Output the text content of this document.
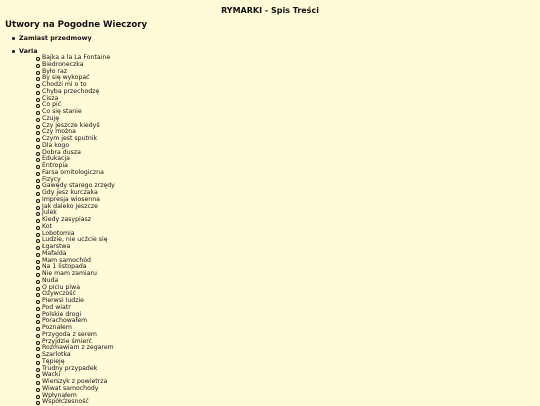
RYMARKI - Spis Treści
Utwory na Pogodne Wieczory
Zamiast przedmowy
Varia
Bajka a la La Fontaine
Biedroneczka
Było raz
By się wykopać
Chodzi mi o to
Chyba przechodzę
Cisza
Co pić
Co się stanie
Czuję
Czy jeszcze kiedyś
Czy można
Czym jest sputnik
Dla kogo
Dobra dusza
Edukacja
Entropia
Farsa ornitologiczna
Fizycy
Gawędy starego zrzędy
Gdy jesz kurczaka
Impresja wiosenna
Jak daleko jeszcze
Julek
Kiedy zasypiasz
Kot
Lobotomia
Ludzie, nie ucźcie się
Łgarstwa
Mafalda
Mam samochód
Na 1 listopada
Nie mam zamiaru
Nuda
O piciu piwa
Ożywczość
Pierwsi ludzie
Pod wiatr
Polskie drogi
Porachowałem
Poznałem
Przygoda z serem
Przyjdzie śmierć
Rozmawiam z zegarem
Szarlotka
Tępieję
Trudny przypadek
Wacki
Wierszyk z powietrza
Wiwat samochody
Wpłynąłem
Współczesność
